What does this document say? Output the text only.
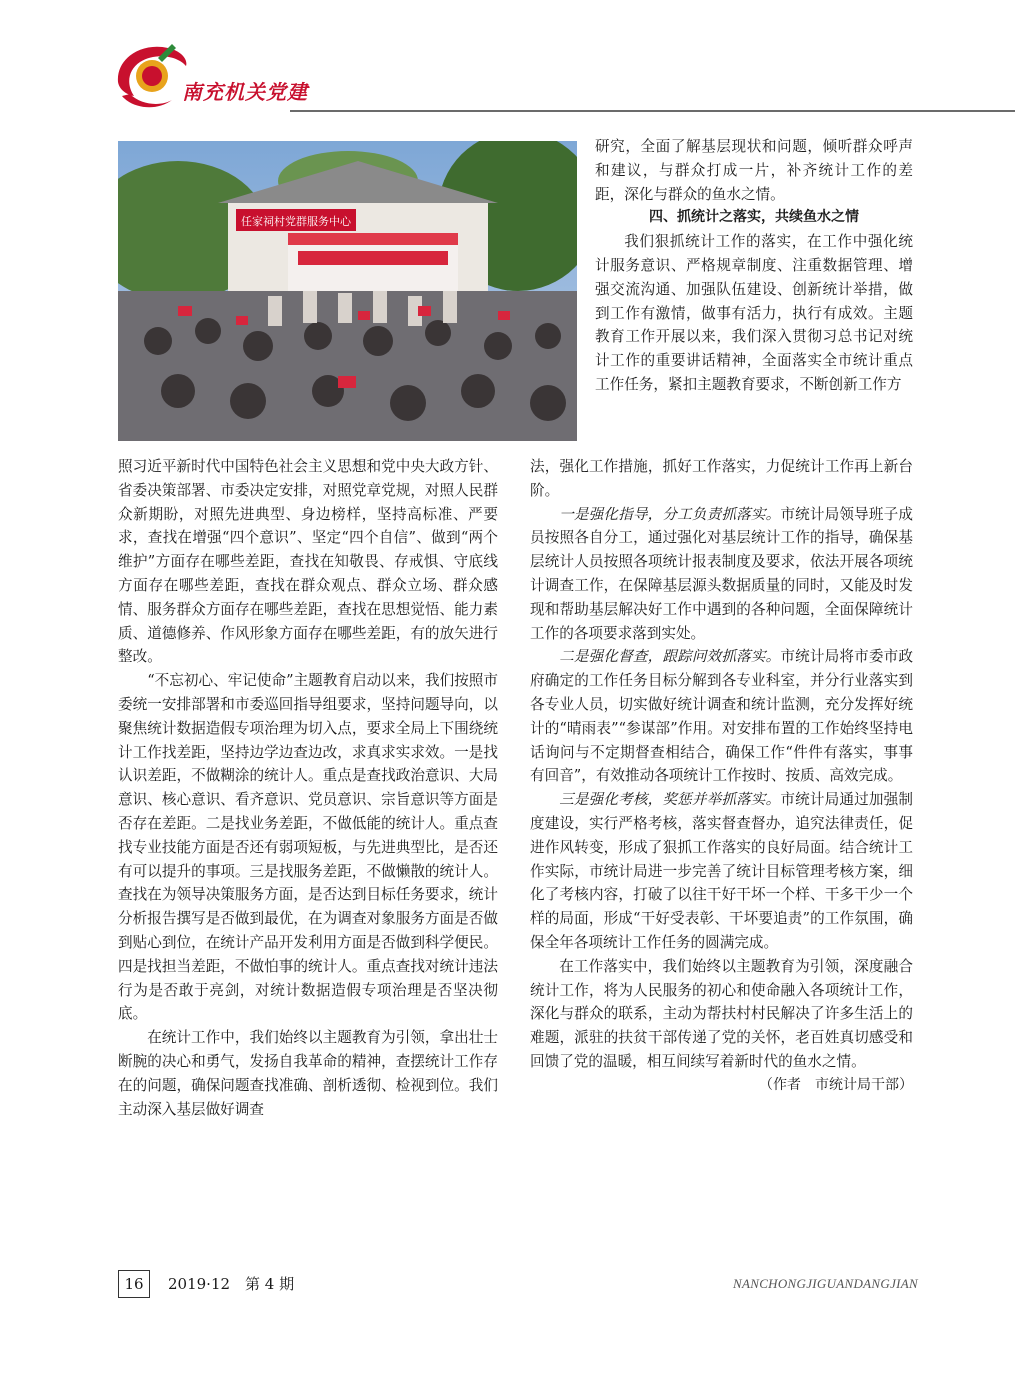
南充机关党建
任家祠村党群服务中心

照习近平新时代中国特色社会主义思想和党中央大政方针、省委决策部署、市委决定安排，对照党章党规，对照人民群众新期盼，对照先进典型、身边榜样，坚持高标准、严要求，查找在增强“四个意识”、坚定“四个自信”、做到“两个维护”方面存在哪些差距，查找在知敬畏、存戒惧、守底线方面存在哪些差距，查找在群众观点、群众立场、群众感情、服务群众方面存在哪些差距，查找在思想觉悟、能力素质、道德修养、作风形象方面存在哪些差距，有的放矢进行整改。

“不忘初心、牢记使命”主题教育启动以来，我们按照市委统一安排部署和市委巡回指导组要求，坚持问题导向，以聚焦统计数据造假专项治理为切入点，要求全局上下围绕统计工作找差距，坚持边学边查边改，求真求实求效。一是找认识差距，不做糊涂的统计人。重点是查找政治意识、大局意识、核心意识、看齐意识、党员意识、宗旨意识等方面是否存在差距。二是找业务差距，不做低能的统计人。重点查找专业技能方面是否还有弱项短板，与先进典型比，是否还有可以提升的事项。三是找服务差距，不做懒散的统计人。查找在为领导决策服务方面，是否达到目标任务要求，统计分析报告撰写是否做到最优，在为调查对象服务方面是否做到贴心到位，在统计产品开发利用方面是否做到科学便民。四是找担当差距，不做怕事的统计人。重点查找对统计违法行为是否敢于亮剑，对统计数据造假专项治理是否坚决彻底。

在统计工作中，我们始终以主题教育为引领，拿出壮士断腕的决心和勇气，发扬自我革命的精神，查摆统计工作存在的问题，确保问题查找准确、剖析透彻、检视到位。我们主动深入基层做好调查

研究，全面了解基层现状和问题，倾听群众呼声和建议，与群众打成一片，补齐统计工作的差距，深化与群众的鱼水之情。

四、抓统计之落实，共续鱼水之情

我们狠抓统计工作的落实，在工作中强化统计服务意识、严格规章制度、注重数据管理、增强交流沟通、加强队伍建设、创新统计举措，做到工作有激情，做事有活力，执行有成效。主题教育工作开展以来，我们深入贯彻习总书记对统计工作的重要讲话精神，全面落实全市统计重点工作任务，紧扣主题教育要求，不断创新工作方

法，强化工作措施，抓好工作落实，力促统计工作再上新台阶。

一是强化指导，分工负责抓落实。市统计局领导班子成员按照各自分工，通过强化对基层统计工作的指导，确保基层统计人员按照各项统计报表制度及要求，依法开展各项统计调查工作，在保障基层源头数据质量的同时，又能及时发现和帮助基层解决好工作中遇到的各种问题，全面保障统计工作的各项要求落到实处。

二是强化督查，跟踪问效抓落实。市统计局将市委市政府确定的工作任务目标分解到各专业科室，并分行业落实到各专业人员，切实做好统计调查和统计监测，充分发挥好统计的“晴雨表”“参谋部”作用。对安排布置的工作始终坚持电话询问与不定期督查相结合，确保工作“件件有落实，事事有回音”，有效推动各项统计工作按时、按质、高效完成。

三是强化考核，奖惩并举抓落实。市统计局通过加强制度建设，实行严格考核，落实督查督办，追究法律责任，促进作风转变，形成了狠抓工作落实的良好局面。结合统计工作实际，市统计局进一步完善了统计目标管理考核方案，细化了考核内容，打破了以往干好干坏一个样、干多干少一个样的局面，形成“干好受表彰、干坏要追责”的工作氛围，确保全年各项统计工作任务的圆满完成。

在工作落实中，我们始终以主题教育为引领，深度融合统计工作，将为人民服务的初心和使命融入各项统计工作，深化与群众的联系，主动为帮扶村村民解决了许多生活上的难题，派驻的扶贫干部传递了党的关怀，老百姓真切感受和回馈了党的温暖，相互间续写着新时代的鱼水之情。

（作者　市统计局干部）

16	2019·12　第 4 期	NANCHONGJIGUANDANGJIAN
